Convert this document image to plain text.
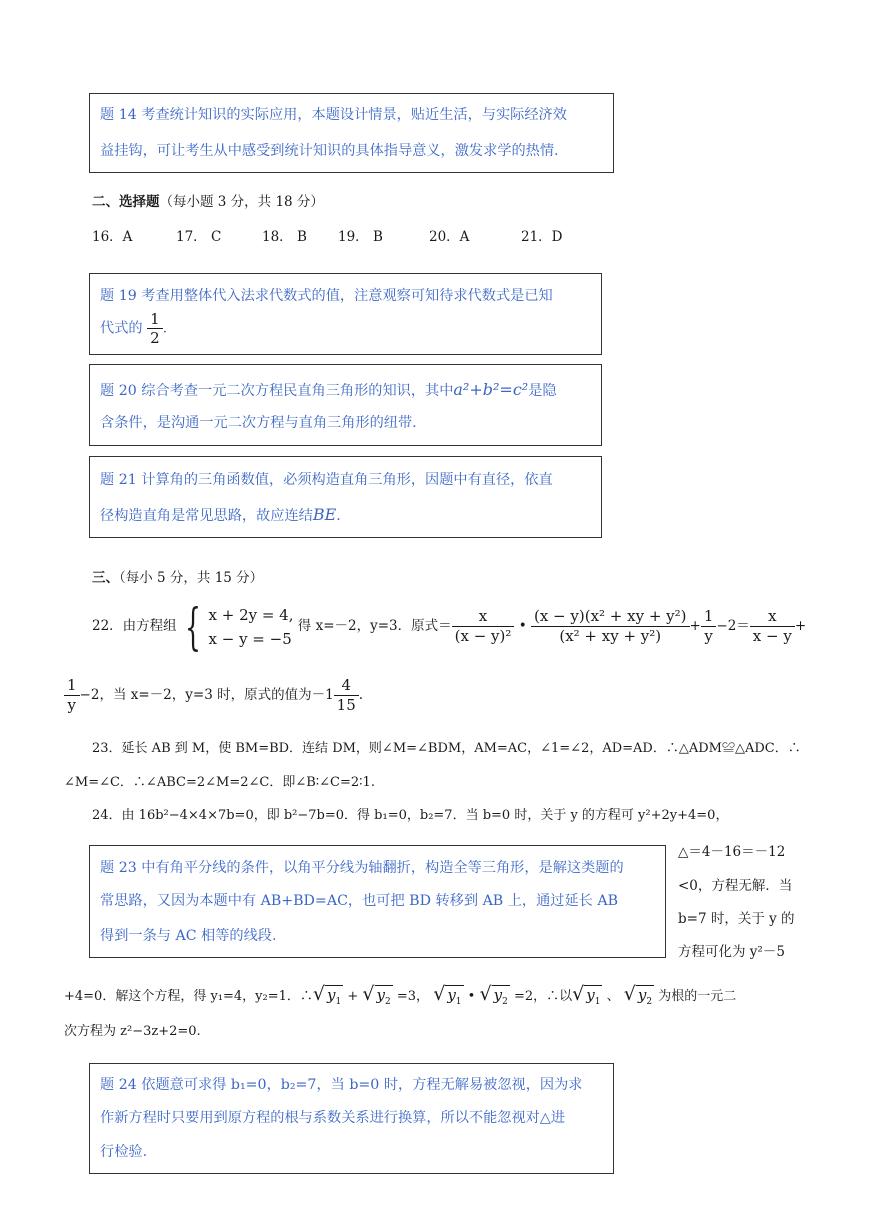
题 14 考查统计知识的实际应用，本题设计情景，贴近生活，与实际经济效
益挂钩，可让考生从中感受到统计知识的具体指导意义，激发求学的热情.
二、选择题（每小题 3 分，共 18 分）
16．A	17． C	18． B 19． B	20．A	21．D
题 19 考查用整体代入法求代数式的值，注意观察可知待求代数式是已知
代式的 $\frac{1}{2}$ .
题 20 综合考查一元二次方程民直角三角形的知识，其中a²+b²=c²是隐
含条件，是沟通一元二次方程与直角三角形的纽带.
题 21 计算角的三角函数值，必须构造直角三角形，因题中有直径，依直
径构造直角是常见思路，故应连结BE.
三、（每小 5 分，共 15 分）
22．由方程组 { x + 2y = 4,
x − y = −5
得 x=－2，y=3．原式＝ $\frac{x}{\text{(x − y)²}}$ • $\frac{\text{(x − y)(x² + xy + y²)}}{\text{(x² + xy + y²)}} + \frac{1}{y} -2= \frac{x}{x - y}$ +
$\frac{1}{y} -2$，当 x=－2，y=3 时，原式的值为$-1 \frac{4}{15}$ .
23．延长 AB 到 M，使 BM=BD．连结 DM，则∠M=∠BDM，AM=AC，∠1=∠2，AD=AD．∴△ADM≌△ADC．∴
∠M=∠C．∴∠ABC=2∠M=2∠C．即∠B∶∠C=2∶1.
24．由 16b²−4×4×7b=0，即 b²−7b=0．得 b₁=0，b₂=7．当 b=0 时，关于 y 的方程可 y²+2y+4=0，
题 23 中有角平分线的条件，以角平分线为轴翻折，构造全等三角形，是解这类题的
常思路，又因为本题中有 AB+BD=AC，也可把 BD 转移到 AB 上，通过延长 AB
得到一条与 AC 相等的线段.
△＝4－16＝－12
<0，方程无解．当
b=7 时，关于 y 的
方程可化为 y²－5
+4=0．解这个方程，得 y₁=4，y₂=1．∴√ $y_1$ + √ $y_2 =3$， √ $y_1$ • √ $y_2 =2$，∴以√ $y_1$ 、 √ $y_2$ 为根的一元二
次方程为 z²−3z+2=0.
题 24 依题意可求得 b₁=0，b₂=7，当 b=0 时，方程无解易被忽视，因为求
作新方程时只要用到原方程的根与系数关系进行换算，所以不能忽视对△进
行检验.
